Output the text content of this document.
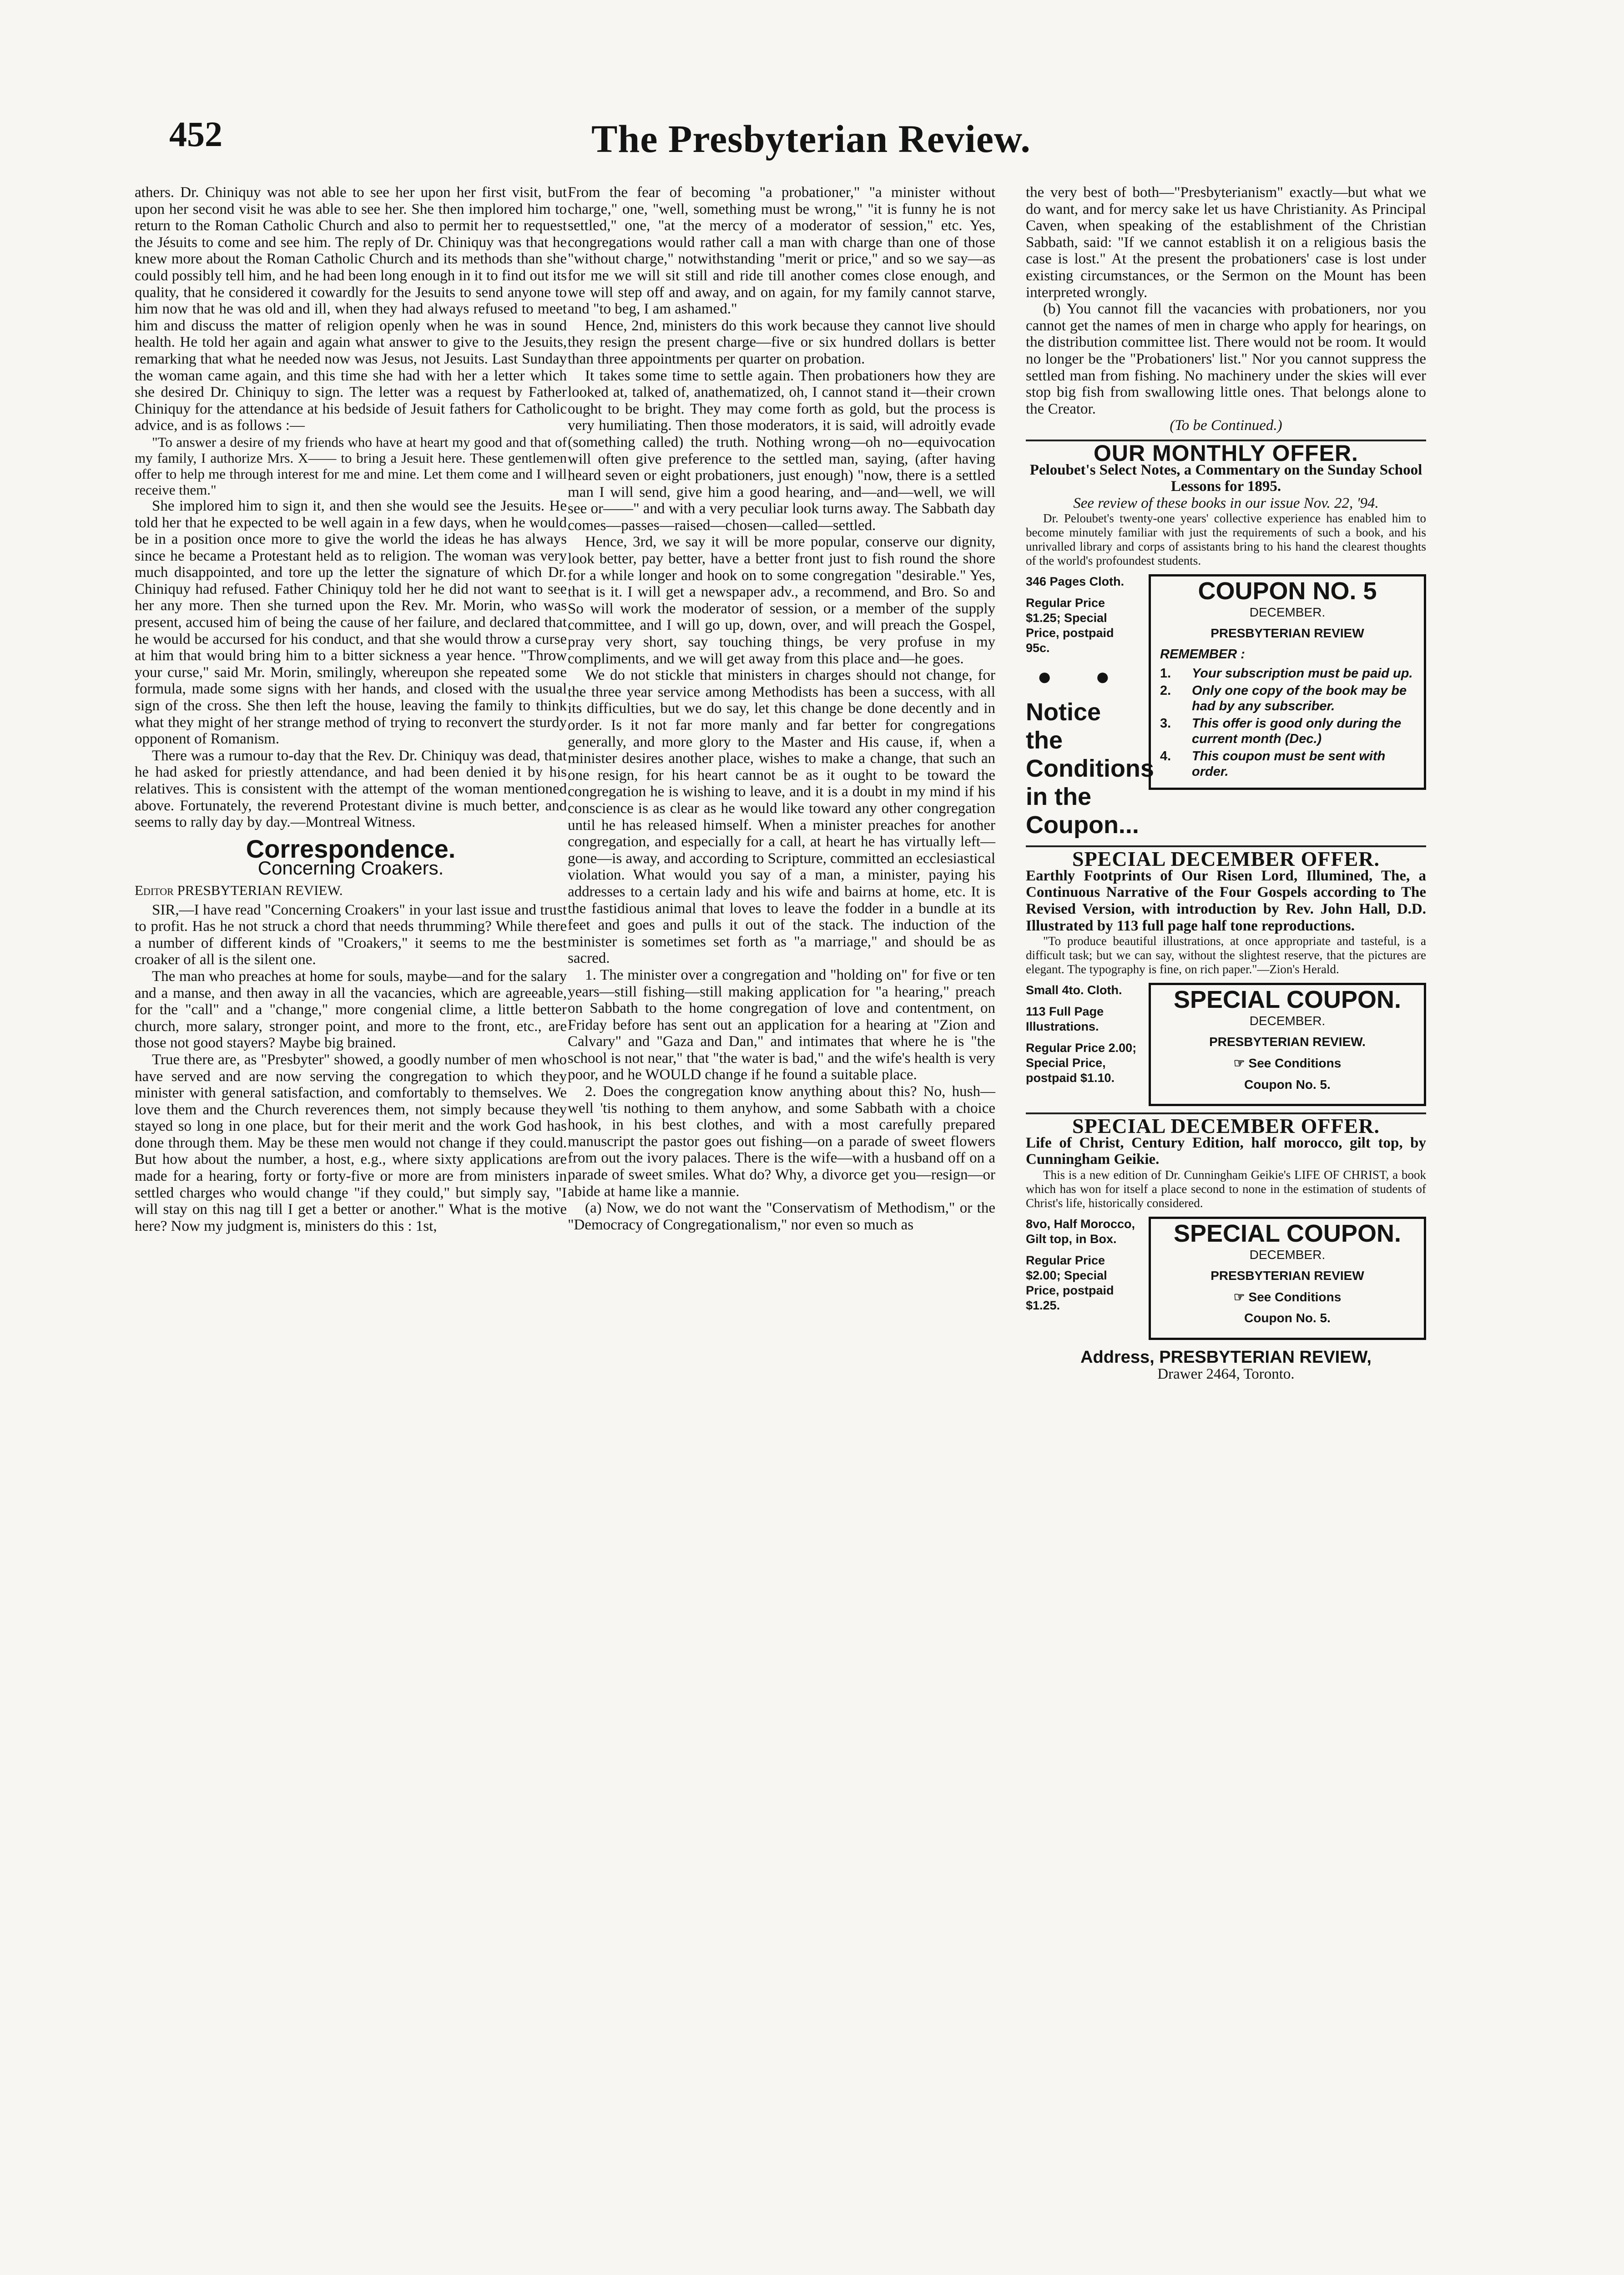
452	The Presbyterian Review.

athers. Dr. Chiniquy was not able to see her upon her first visit, but upon her second visit he was able to see her. She then implored him to return to the Roman Catholic Church and also to permit her to request the Jésuits to come and see him. The reply of Dr. Chiniquy was that he knew more about the Roman Catholic Church and its methods than she could possibly tell him, and he had been long enough in it to find out its quality, that he considered it cowardly for the Jesuits to send anyone to him now that he was old and ill, when they had always refused to meet him and discuss the matter of religion openly when he was in sound health. He told her again and again what answer to give to the Jesuits, remarking that what he needed now was Jesus, not Jesuits. Last Sunday the woman came again, and this time she had with her a letter which she desired Dr. Chiniquy to sign. The letter was a request by Father Chiniquy for the attendance at his bedside of Jesuit fathers for Catholic advice, and is as follows :—

"To answer a desire of my friends who have at heart my good and that of my family, I authorize Mrs. X—— to bring a Jesuit here. These gentlemen offer to help me through interest for me and mine. Let them come and I will receive them."

She implored him to sign it, and then she would see the Jesuits. He told her that he expected to be well again in a few days, when he would be in a position once more to give the world the ideas he has always since he became a Protestant held as to religion. The woman was very much disappointed, and tore up the letter the signature of which Dr. Chiniquy had refused. Father Chiniquy told her he did not want to see her any more. Then she turned upon the Rev. Mr. Morin, who was present, accused him of being the cause of her failure, and declared that he would be accursed for his conduct, and that she would throw a curse at him that would bring him to a bitter sickness a year hence. "Throw your curse," said Mr. Morin, smilingly, whereupon she repeated some formula, made some signs with her hands, and closed with the usual sign of the cross. She then left the house, leaving the family to think what they might of her strange method of trying to reconvert the sturdy opponent of Romanism.

There was a rumour to-day that the Rev. Dr. Chiniquy was dead, that he had asked for priestly attendance, and had been denied it by his relatives. This is consistent with the attempt of the woman mentioned above. Fortunately, the reverend Protestant divine is much better, and seems to rally day by day.—Montreal Witness.

Correspondence.
Concerning Croakers.
Editor PRESBYTERIAN REVIEW.

SIR,—I have read "Concerning Croakers" in your last issue and trust to profit. Has he not struck a chord that needs thrumming? While there a number of different kinds of "Croakers," it seems to me the best croaker of all is the silent one.

The man who preaches at home for souls, maybe—and for the salary and a manse, and then away in all the vacancies, which are agreeable, for the "call" and a "change," more congenial clime, a little better church, more salary, stronger point, and more to the front, etc., are those not good stayers? Maybe big brained.

True there are, as "Presbyter" showed, a goodly number of men who have served and are now serving the congregation to which they minister with general satisfaction, and comfortably to themselves. We love them and the Church reverences them, not simply because they stayed so long in one place, but for their merit and the work God has done through them. May be these men would not change if they could. But how about the number, a host, e.g., where sixty applications are made for a hearing, forty or forty-five or more are from ministers in settled charges who would change "if they could," but simply say, "I will stay on this nag till I get a better or another." What is the motive here? Now my judgment is, ministers do this : 1st,

From the fear of becoming "a probationer," "a minister without charge," one, "well, something must be wrong," "it is funny he is not settled," one, "at the mercy of a moderator of session," etc. Yes, congregations would rather call a man with charge than one of those "without charge," notwithstanding "merit or price," and so we say—as for me we will sit still and ride till another comes close enough, and we will step off and away, and on again, for my family cannot starve, and "to beg, I am ashamed."

Hence, 2nd, ministers do this work because they cannot live should they resign the present charge—five or six hundred dollars is better than three appointments per quarter on probation.

It takes some time to settle again. Then probationers how they are looked at, talked of, anathematized, oh, I cannot stand it—their crown ought to be bright. They may come forth as gold, but the process is very humiliating. Then those moderators, it is said, will adroitly evade (something called) the truth. Nothing wrong—oh no—equivocation will often give preference to the settled man, saying, (after having heard seven or eight probationers, just enough) "now, there is a settled man I will send, give him a good hearing, and—and—well, we will see or——" and with a very peculiar look turns away. The Sabbath day comes—passes—raised—chosen—called—settled.

Hence, 3rd, we say it will be more popular, conserve our dignity, look better, pay better, have a better front just to fish round the shore for a while longer and hook on to some congregation "desirable." Yes, that is it. I will get a newspaper adv., a recommend, and Bro. So and So will work the moderator of session, or a member of the supply committee, and I will go up, down, over, and will preach the Gospel, pray very short, say touching things, be very profuse in my compliments, and we will get away from this place and—he goes.

We do not stickle that ministers in charges should not change, for the three year service among Methodists has been a success, with all its difficulties, but we do say, let this change be done decently and in order. Is it not far more manly and far better for congregations generally, and more glory to the Master and His cause, if, when a minister desires another place, wishes to make a change, that such an one resign, for his heart cannot be as it ought to be toward the congregation he is wishing to leave, and it is a doubt in my mind if his conscience is as clear as he would like toward any other congregation until he has released himself. When a minister preaches for another congregation, and especially for a call, at heart he has virtually left—gone—is away, and according to Scripture, committed an ecclesiastical violation. What would you say of a man, a minister, paying his addresses to a certain lady and his wife and bairns at home, etc. It is the fastidious animal that loves to leave the fodder in a bundle at its feet and goes and pulls it out of the stack. The induction of the minister is sometimes set forth as "a marriage," and should be as sacred.

1. The minister over a congregation and "holding on" for five or ten years—still fishing—still making application for "a hearing," preach on Sabbath to the home congregation of love and contentment, on Friday before has sent out an application for a hearing at "Zion and Calvary" and "Gaza and Dan," and intimates that where he is "the school is not near," that "the water is bad," and the wife's health is very poor, and he WOULD change if he found a suitable place.

2. Does the congregation know anything about this? No, hush—well 'tis nothing to them anyhow, and some Sabbath with a choice hook, in his best clothes, and with a most carefully prepared manuscript the pastor goes out fishing—on a parade of sweet flowers from out the ivory palaces. There is the wife—with a husband off on a parade of sweet smiles. What do? Why, a divorce get you—resign—or abide at hame like a mannie.

(a) Now, we do not want the "Conservatism of Methodism," or the "Democracy of Congregationalism," nor even so much as

the very best of both—"Presbyterianism" exactly—but what we do want, and for mercy sake let us have Christianity. As Principal Caven, when speaking of the establishment of the Christian Sabbath, said: "If we cannot establish it on a religious basis the case is lost." At the present the probationers' case is lost under existing circumstances, or the Sermon on the Mount has been interpreted wrongly.

(b) You cannot fill the vacancies with probationers, nor you cannot get the names of men in charge who apply for hearings, on the distribution committee list. There would not be room. It would no longer be the "Probationers' list." Nor you cannot suppress the settled man from fishing. No machinery under the skies will ever stop big fish from swallowing little ones. That belongs alone to the Creator.

(To be Continued.)

OUR MONTHLY OFFER.

Peloubet's Select Notes, a Commentary on the Sunday School Lessons for 1895.

See review of these books in our issue Nov. 22, '94.

Dr. Peloubet's twenty-one years' collective experience has enabled him to become minutely familiar with just the requirements of such a book, and his unrivalled library and corps of assistants bring to his hand the clearest thoughts of the world's profoundest students.

346 Pages Cloth.
Regular Price $1.25; Special Price, postpaid 95c.
● ●
Notice the Conditions in the Coupon...
COUPON NO. 5
DECEMBER.
PRESBYTERIAN REVIEW
REMEMBER :
1.	Your subscription must be paid up.
2.	Only one copy of the book may be had by any subscriber.
3.	This offer is good only during the current month (Dec.)
4.	This coupon must be sent with order.
SPECIAL DECEMBER OFFER.

Earthly Footprints of Our Risen Lord, Illumined, The, a Continuous Narrative of the Four Gospels according to The Revised Version, with introduction by Rev. John Hall, D.D. Illustrated by 113 full page half tone reproductions.

"To produce beautiful illustrations, at once appropriate and tasteful, is a difficult task; but we can say, without the slightest reserve, that the pictures are elegant. The typography is fine, on rich paper."—Zion's Herald.

Small 4to. Cloth.
113 Full Page Illustrations.
Regular Price 2.00; Special Price, postpaid $1.10.
SPECIAL COUPON.
DECEMBER.
PRESBYTERIAN REVIEW.
☞ See Conditions
Coupon No. 5.
SPECIAL DECEMBER OFFER.

Life of Christ, Century Edition, half morocco, gilt top, by Cunningham Geikie.

This is a new edition of Dr. Cunningham Geikie's LIFE OF CHRIST, a book which has won for itself a place second to none in the estimation of students of Christ's life, historically considered.

8vo, Half Morocco, Gilt top, in Box.
Regular Price $2.00; Special Price, postpaid $1.25.
SPECIAL COUPON.
DECEMBER.
PRESBYTERIAN REVIEW
☞ See Conditions
Coupon No. 5.
Address, PRESBYTERIAN REVIEW,

Drawer 2464, Toronto.
